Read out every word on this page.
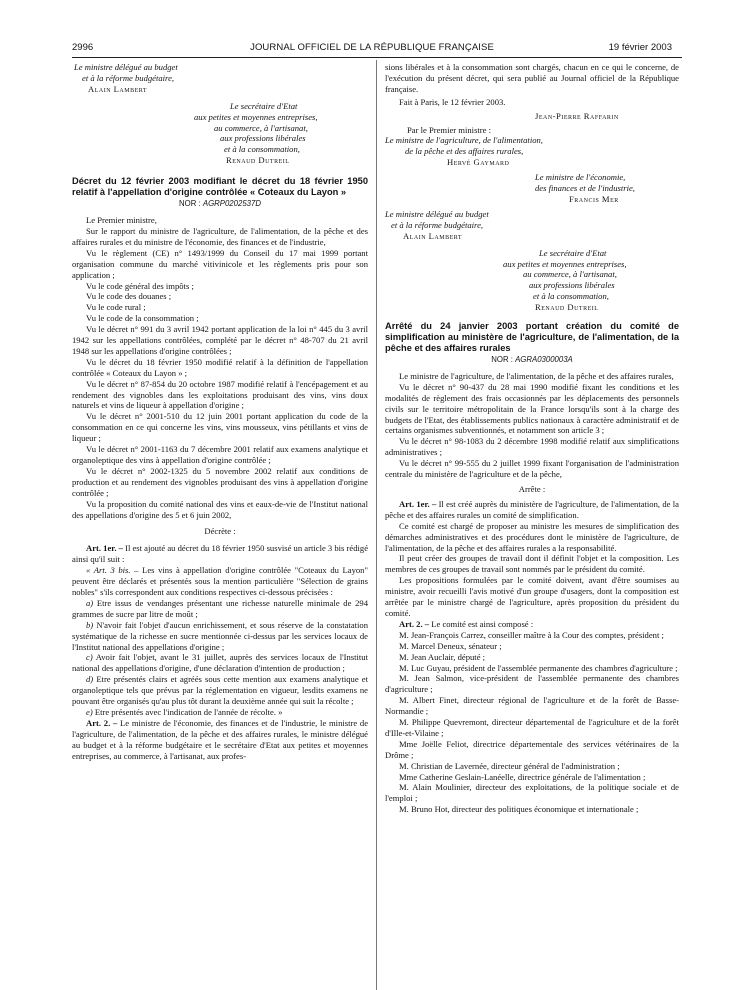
2996	JOURNAL OFFICIEL DE LA RÉPUBLIQUE FRANÇAISE	19 février 2003
Le ministre délégué au budget
et à la réforme budgétaire,
Alain Lambert
Le secrétaire d'Etat
aux petites et moyennes entreprises,
au commerce, à l'artisanat,
aux professions libérales
et à la consommation,
Renaud Dutreil
Décret du 12 février 2003 modifiant le décret du 18 février 1950 relatif à l'appellation d'origine contrôlée « Coteaux du Layon »
NOR : AGRP0202537D

Le Premier ministre,

Sur le rapport du ministre de l'agriculture, de l'alimentation, de la pêche et des affaires rurales et du ministre de l'économie, des finances et de l'industrie,

Vu le règlement (CE) n° 1493/1999 du Conseil du 17 mai 1999 portant organisation commune du marché vitivinicole et les règlements pris pour son application ;

Vu le code général des impôts ;

Vu le code des douanes ;

Vu le code rural ;

Vu le code de la consommation ;

Vu le décret n° 991 du 3 avril 1942 portant application de la loi n° 445 du 3 avril 1942 sur les appellations contrôlées, complété par le décret n° 48-707 du 21 avril 1948 sur les appellations d'origine contrôlées ;

Vu le décret du 18 février 1950 modifié relatif à la définition de l'appellation contrôlée « Coteaux du Layon » ;

Vu le décret n° 87-854 du 20 octobre 1987 modifié relatif à l'encépagement et au rendement des vignobles dans les exploitations produisant des vins, vins doux naturels et vins de liqueur à appellation d'origine ;

Vu le décret n° 2001-510 du 12 juin 2001 portant application du code de la consommation en ce qui concerne les vins, vins mousseux, vins pétillants et vins de liqueur ;

Vu le décret n° 2001-1163 du 7 décembre 2001 relatif aux examens analytique et organoleptique des vins à appellation d'origine contrôlée ;

Vu le décret n° 2002-1325 du 5 novembre 2002 relatif aux conditions de production et au rendement des vignobles produisant des vins à appellation d'origine contrôlée ;

Vu la proposition du comité national des vins et eaux-de-vie de l'Institut national des appellations d'origine des 5 et 6 juin 2002,

Décrète :

Art. 1er. – Il est ajouté au décret du 18 février 1950 susvisé un article 3 bis rédigé ainsi qu'il suit :

« Art. 3 bis. – Les vins à appellation d'origine contrôlée "Coteaux du Layon" peuvent être déclarés et présentés sous la mention particulière "Sélection de grains nobles" s'ils correspondent aux conditions respectives ci-dessous précisées :

a) Etre issus de vendanges présentant une richesse naturelle minimale de 294 grammes de sucre par litre de moût ;

b) N'avoir fait l'objet d'aucun enrichissement, et sous réserve de la constatation systématique de la richesse en sucre mentionnée ci-dessus par les services locaux de l'Institut national des appellations d'origine ;

c) Avoir fait l'objet, avant le 31 juillet, auprès des services locaux de l'Institut national des appellations d'origine, d'une déclaration d'intention de production ;

d) Etre présentés clairs et agréés sous cette mention aux examens analytique et organoleptique tels que prévus par la réglementation en vigueur, lesdits examens ne pouvant être organisés qu'au plus tôt durant la deuxième année qui suit la récolte ;

e) Etre présentés avec l'indication de l'année de récolte. »

Art. 2. – Le ministre de l'économie, des finances et de l'industrie, le ministre de l'agriculture, de l'alimentation, de la pêche et des affaires rurales, le ministre délégué au budget et à la réforme budgétaire et le secrétaire d'Etat aux petites et moyennes entreprises, au commerce, à l'artisanat, aux profes-

sions libérales et à la consommation sont chargés, chacun en ce qui le concerne, de l'exécution du présent décret, qui sera publié au Journal officiel de la République française.

Fait à Paris, le 12 février 2003.

Jean-Pierre Raffarin
Par le Premier ministre :
Le ministre de l'agriculture, de l'alimentation,
de la pêche et des affaires rurales,
Hervé Gaymard
Le ministre de l'économie,
des finances et de l'industrie,
Francis Mer
Le ministre délégué au budget
et à la réforme budgétaire,
Alain Lambert
Le secrétaire d'Etat
aux petites et moyennes entreprises,
au commerce, à l'artisanat,
aux professions libérales
et à la consommation,
Renaud Dutreil
Arrêté du 24 janvier 2003 portant création du comité de simplification au ministère de l'agriculture, de l'alimentation, de la pêche et des affaires rurales
NOR : AGRA0300003A

Le ministre de l'agriculture, de l'alimentation, de la pêche et des affaires rurales,

Vu le décret n° 90-437 du 28 mai 1990 modifié fixant les conditions et les modalités de règlement des frais occasionnés par les déplacements des personnels civils sur le territoire métropolitain de la France lorsqu'ils sont à la charge des budgets de l'Etat, des établissements publics nationaux à caractère administratif et de certains organismes subventionnés, et notamment son article 3 ;

Vu le décret n° 98-1083 du 2 décembre 1998 modifié relatif aux simplifications administratives ;

Vu le décret n° 99-555 du 2 juillet 1999 fixant l'organisation de l'administration centrale du ministère de l'agriculture et de la pêche,

Arrête :

Art. 1er. – Il est créé auprès du ministère de l'agriculture, de l'alimentation, de la pêche et des affaires rurales un comité de simplification.

Ce comité est chargé de proposer au ministre les mesures de simplification des démarches administratives et des procédures dont le ministère de l'agriculture, de l'alimentation, de la pêche et des affaires rurales a la responsabilité.

Il peut créer des groupes de travail dont il définit l'objet et la composition. Les membres de ces groupes de travail sont nommés par le président du comité.

Les propositions formulées par le comité doivent, avant d'être soumises au ministre, avoir recueilli l'avis motivé d'un groupe d'usagers, dont la composition est arrêtée par le ministre chargé de l'agriculture, après proposition du président du comité.

Art. 2. – Le comité est ainsi composé :

M. Jean-François Carrez, conseiller maître à la Cour des comptes, président ;

M. Marcel Deneux, sénateur ;

M. Jean Auclair, député ;

M. Luc Guyau, président de l'assemblée permanente des chambres d'agriculture ;

M. Jean Salmon, vice-président de l'assemblée permanente des chambres d'agriculture ;

M. Albert Finet, directeur régional de l'agriculture et de la forêt de Basse-Normandie ;

M. Philippe Quevremont, directeur départemental de l'agriculture et de la forêt d'Ille-et-Vilaine ;

Mme Joëlle Feliot, directrice départementale des services vétérinaires de la Drôme ;

M. Christian de Lavernée, directeur général de l'administration ;

Mme Catherine Geslain-Lanéelle, directrice générale de l'alimentation ;

M. Alain Moulinier, directeur des exploitations, de la politique sociale et de l'emploi ;

M. Bruno Hot, directeur des politiques économique et internationale ;
